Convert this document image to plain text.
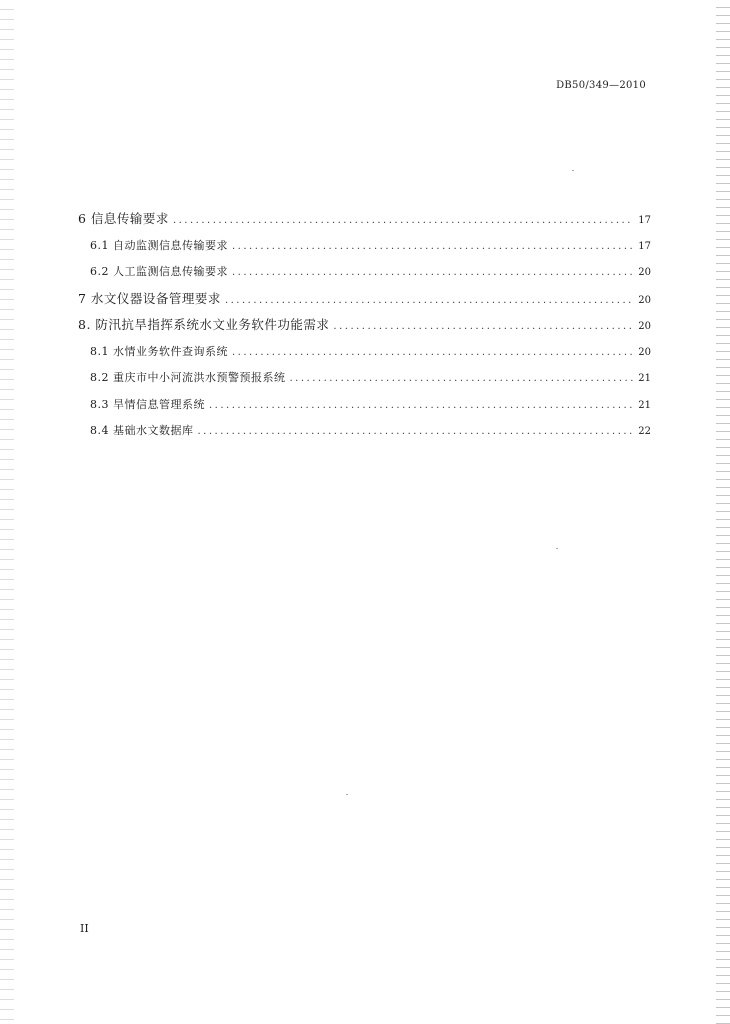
DB50/349—2010
6 信息传输要求 .....	17
6.1 自动监测信息传输要求 .....	17
6.2 人工监测信息传输要求 .....	20
7 水文仪器设备管理要求 .....	20
8. 防汛抗旱指挥系统水文业务软件功能需求 .....	20
8.1 水情业务软件查询系统 .....	20
8.2 重庆市中小河流洪水预警预报系统 .....	21
8.3 旱情信息管理系统 .....	21
8.4 基础水文数据库 .....	22
II
